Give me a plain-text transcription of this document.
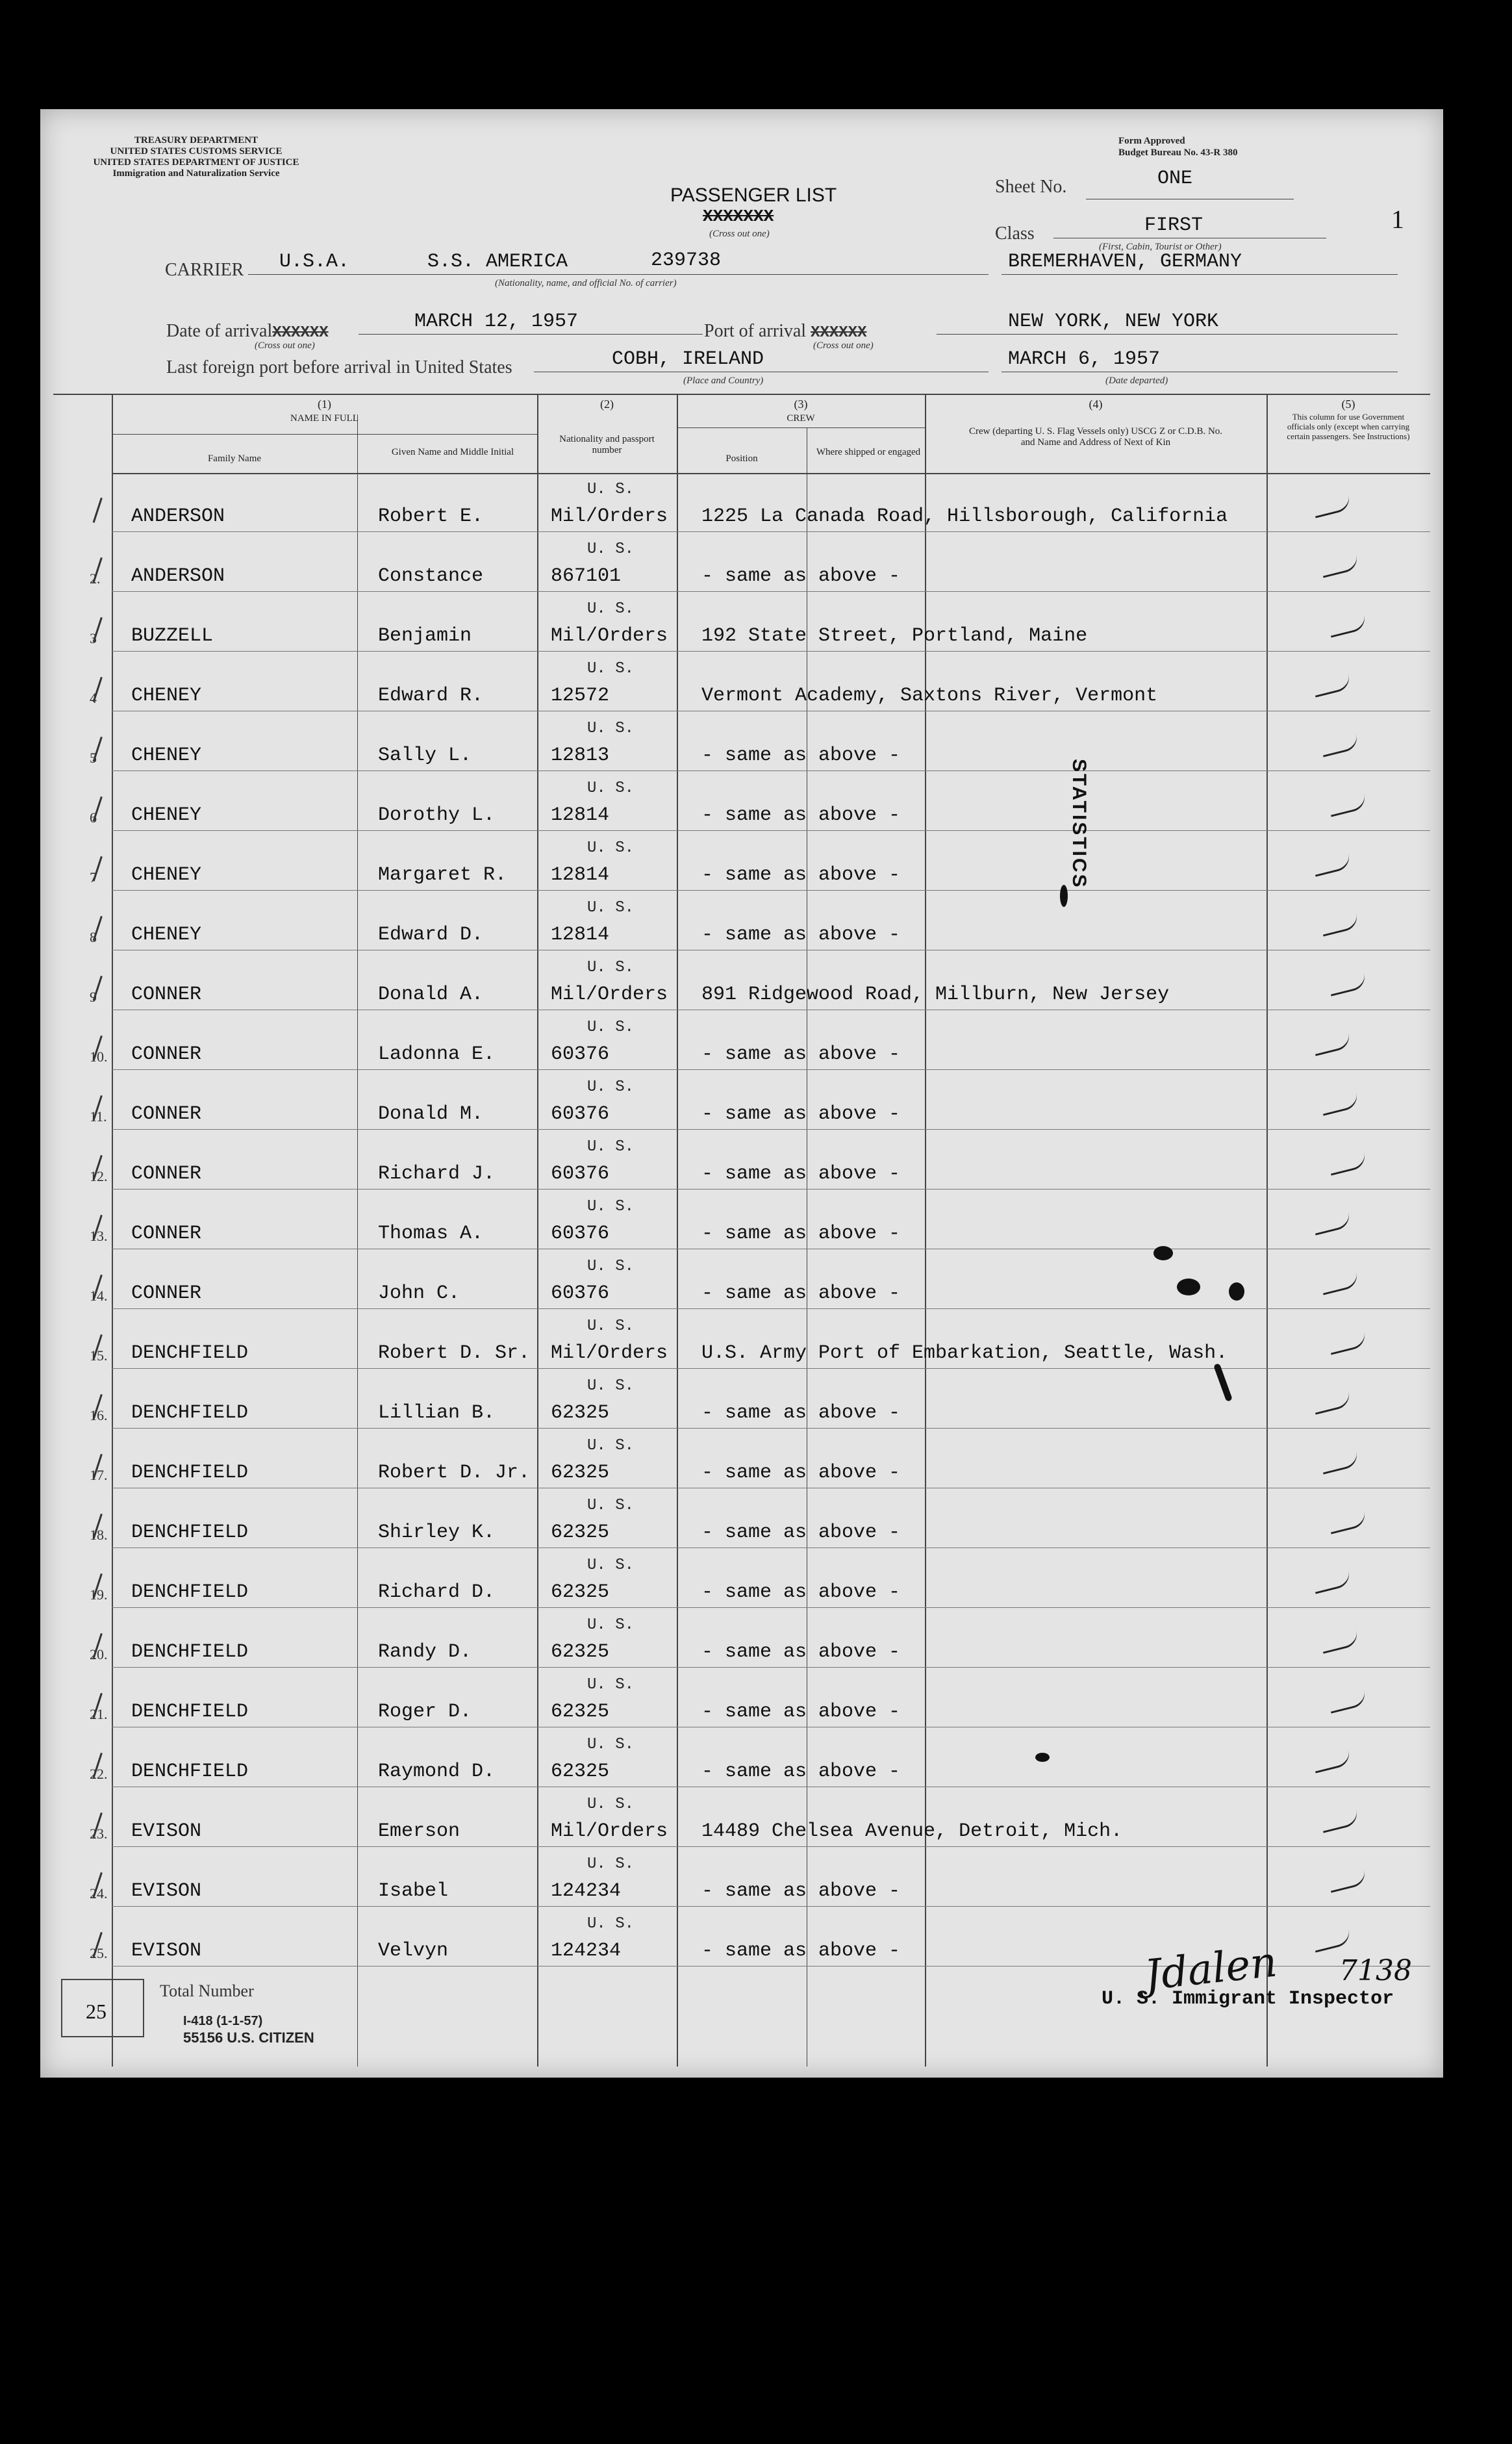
TREASURY DEPARTMENT
UNITED STATES CUSTOMS SERVICE
UNITED STATES DEPARTMENT OF JUSTICE
Immigration and Naturalization Service
Form Approved
Budget Bureau No. 43-R 380
PASSENGER LIST
XXXXXXX
(Cross out one)
Sheet No.	ONE
1
Class	FIRST
(First, Cabin, Tourist or Other)
CARRIER U.S.A.	S.S. AMERICA	239738
(Nationality, name, and official No. of carrier)
BREMERHAVEN, GERMANY
Date of arrivalXXXXXX
(Cross out one)
MARCH 12, 1957	Port of arrival XXXXXX
(Cross out one)
NEW YORK, NEW YORK
Last foreign port before arrival in United States	COBH, IRELAND
(Place and Country)
MARCH 6, 1957
(Date departed)
(1)
NAME IN FULL
Family Name
Given Name and Middle Initial
(2)
Nationality and passport number
(3)
CREW
Position
Where shipped or engaged
(4)
Crew (departing U. S. Flag Vessels only) USCG Z or C.D.B. No. and Name and Address of Next of Kin
(5)
This column for use Government officials only (except when carrying certain passengers. See Instructions)
U. S.
ANDERSON	Robert E.	Mil/Orders 1225 La Canada Road, Hillsborough, California
U. S.
2. ANDERSON	Constance	867101	- same as above -
U. S.
3 BUZZELL	Benjamin	Mil/Orders 192 State Street, Portland, Maine
U. S.
4 CHENEY	Edward R.	12572	Vermont Academy, Saxtons River, Vermont
U. S.
5 CHENEY	Sally L.	12813	- same as above -
U. S.
6 CHENEY	Dorothy L.	12814	- same as above -
U. S.
7 CHENEY	Margaret R. 12814	- same as above -
U. S.
8 CHENEY	Edward D.	12814	- same as above -
U. S.
9 CONNER	Donald A.	Mil/Orders 891 Ridgewood Road, Millburn, New Jersey
U. S.
10. CONNER	Ladonna E.	60376	- same as above -
U. S.
11. CONNER	Donald M.	60376	- same as above -
U. S.
12. CONNER	Richard J.	60376	- same as above -
U. S.
13. CONNER	Thomas A.	60376	- same as above -
U. S.
14. CONNER	John C.	60376	- same as above -
U. S.
15. DENCHFIELD	Robert D. Sr. Mil/Orders U.S. Army Port of Embarkation, Seattle, Wash.
U. S.
16. DENCHFIELD	Lillian B.	62325	- same as above -
U. S.
17. DENCHFIELD	Robert D. Jr. 62325	- same as above -
U. S.
18. DENCHFIELD	Shirley K.	62325	- same as above -
U. S.
19. DENCHFIELD	Richard D.	62325	- same as above -
U. S.
20. DENCHFIELD	Randy D.	62325	- same as above -
U. S.
21. DENCHFIELD	Roger D.	62325	- same as above -
U. S.
22. DENCHFIELD	Raymond D.	62325	- same as above -
U. S.
23. EVISON	Emerson	Mil/Orders 14489 Chelsea Avenue, Detroit, Mich.
U. S.
24. EVISON	Isabel	124234	- same as above -
U. S.
25. EVISON	Velvyn	124234	- same as above -
STATISTICS
25
Total Number
I-418 (1-1-57)
55156 U.S. CITIZEN
Jdalen
U. S. Immigrant Inspector
7138
